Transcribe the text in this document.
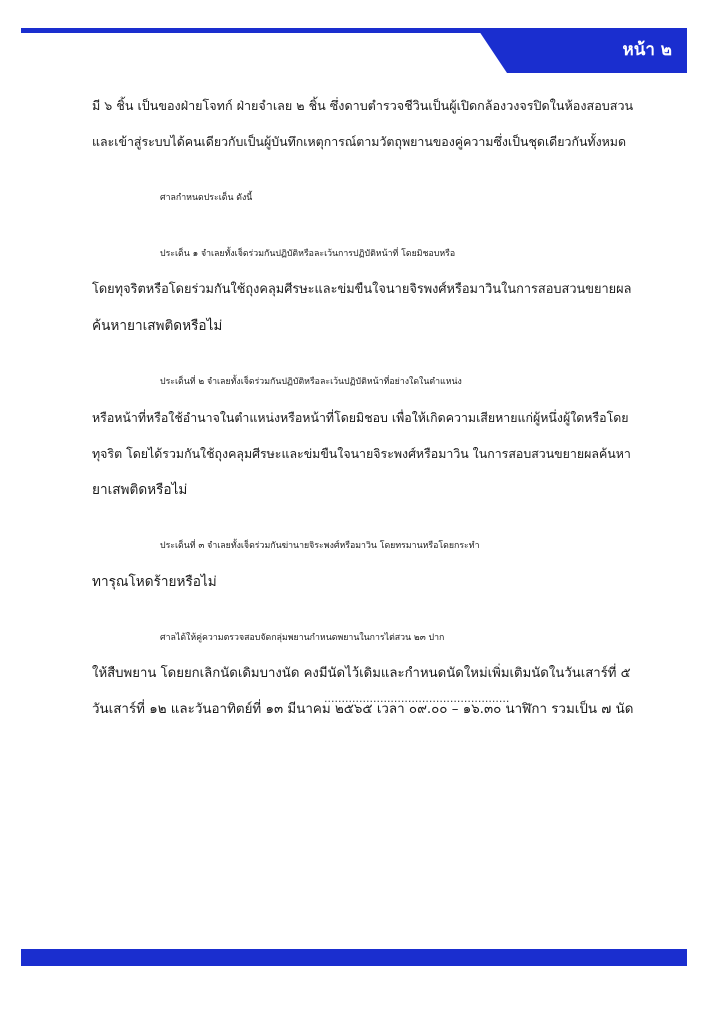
หน้า ๒

มี ๖ ชิ้น เป็นของฝ่ายโจทก์ ฝ่ายจำเลย ๒ ชิ้น ซึ่งดาบตำรวจชีวินเป็นผู้เปิดกล้องวงจรปิดในห้องสอบสวน
และเข้าสู่ระบบได้คนเดียวกับเป็นผู้บันทึกเหตุการณ์ตามวัตถุพยานของคู่ความซึ่งเป็นชุดเดียวกันทั้งหมด

ศาลกำหนดประเด็น ดังนี้

ประเด็น ๑ จำเลยทั้งเจ็ดร่วมกันปฏิบัติหรือละเว้นการปฏิบัติหน้าที่ โดยมิชอบหรือ
โดยทุจริตหรือโดยร่วมกันใช้ถุงคลุมศีรษะและข่มขืนใจนายจิรพงศ์หรือมาวินในการสอบสวนขยายผล
ค้นหายาเสพติดหรือไม่

ประเด็นที่ ๒ จำเลยทั้งเจ็ดร่วมกันปฏิบัติหรือละเว้นปฏิบัติหน้าที่อย่างใดในตำแหน่ง
หรือหน้าที่หรือใช้อำนาจในตำแหน่งหรือหน้าที่โดยมิชอบ เพื่อให้เกิดความเสียหายแก่ผู้หนึ่งผู้ใดหรือโดย
ทุจริต โดยได้รวมกันใช้ถุงคลุมศีรษะและข่มขืนใจนายจิระพงศ์หรือมาวิน ในการสอบสวนขยายผลค้นหา
ยาเสพติดหรือไม่

ประเด็นที่ ๓ จำเลยทั้งเจ็ดร่วมกันฆ่านายจิระพงศ์หรือมาวิน โดยทรมานหรือโดยกระทำ
ทารุณโหดร้ายหรือไม่

ศาลได้ให้คู่ความตรวจสอบจัดกลุ่มพยานกำหนดพยานในการไต่สวน ๒๓ ปาก
ให้สืบพยาน โดยยกเลิกนัดเดิมบางนัด คงมีนัดไว้เดิมและกำหนดนัดใหม่เพิ่มเติมนัดในวันเสาร์ที่ ๕
วันเสาร์ที่ ๑๒ และวันอาทิตย์ที่ ๑๓ มีนาคม ๒๕๖๕ เวลา ๐๙.๐๐ – ๑๖.๓๐ นาฬิกา รวมเป็น ๗ นัด

.....................................................
